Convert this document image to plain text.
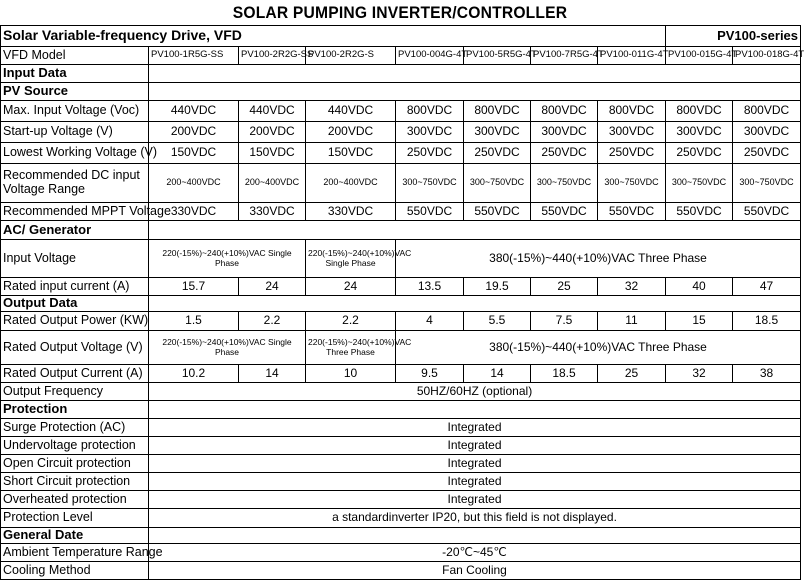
SOLAR PUMPING INVERTER/CONTROLLER
Solar Variable-frequency Drive, VFD								PV100-series	
VFD Model	PV100-1R5G-SS	PV100-2R2G-SS	PV100-2R2G-S	PV100-004G-4T	PV100-5R5G-4T	PV100-7R5G-4T	PV100-011G-4T	PV100-015G-4T	PV100-018G-4T
Input Data									
PV Source									
Max. Input Voltage (Voc)	440VDC	440VDC	440VDC	800VDC	800VDC	800VDC	800VDC	800VDC	800VDC
Start-up Voltage (V)	200VDC	200VDC	200VDC	300VDC	300VDC	300VDC	300VDC	300VDC	300VDC
Lowest Working Voltage (V)	150VDC	150VDC	150VDC	250VDC	250VDC	250VDC	250VDC	250VDC	250VDC
Recommended DC input Voltage Range	200~400VDC	200~400VDC	200~400VDC	300~750VDC	300~750VDC	300~750VDC	300~750VDC	300~750VDC	300~750VDC
Recommended MPPT Voltage	330VDC	330VDC	330VDC	550VDC	550VDC	550VDC	550VDC	550VDC	550VDC
AC/ Generator									
Input Voltage	220(-15%)~240(+10%)VAC Single Phase		220(-15%)~240(+10%)VAC Single Phase	380(-15%)~440(+10%)VAC Three Phase					
Rated input current (A)	15.7	24	24	13.5	19.5	25	32	40	47
Output Data									
Rated Output Power (KW)	1.5	2.2	2.2	4	5.5	7.5	11	15	18.5
Rated Output Voltage (V)	220(-15%)~240(+10%)VAC Single Phase		220(-15%)~240(+10%)VAC Three Phase	380(-15%)~440(+10%)VAC Three Phase					
Rated Output Current (A)	10.2	14	10	9.5	14	18.5	25	32	38
Output Frequency	50HZ/60HZ (optional)								
Protection									
Surge Protection (AC)	Integrated								
Undervoltage protection	Integrated								
Open Circuit protection	Integrated								
Short Circuit protection	Integrated								
Overheated protection	Integrated								
Protection Level	a standardinverter IP20, but this field is not displayed.								
General Date									
Ambient Temperature Range	-20℃~45℃								
Cooling Method	Fan Cooling								
